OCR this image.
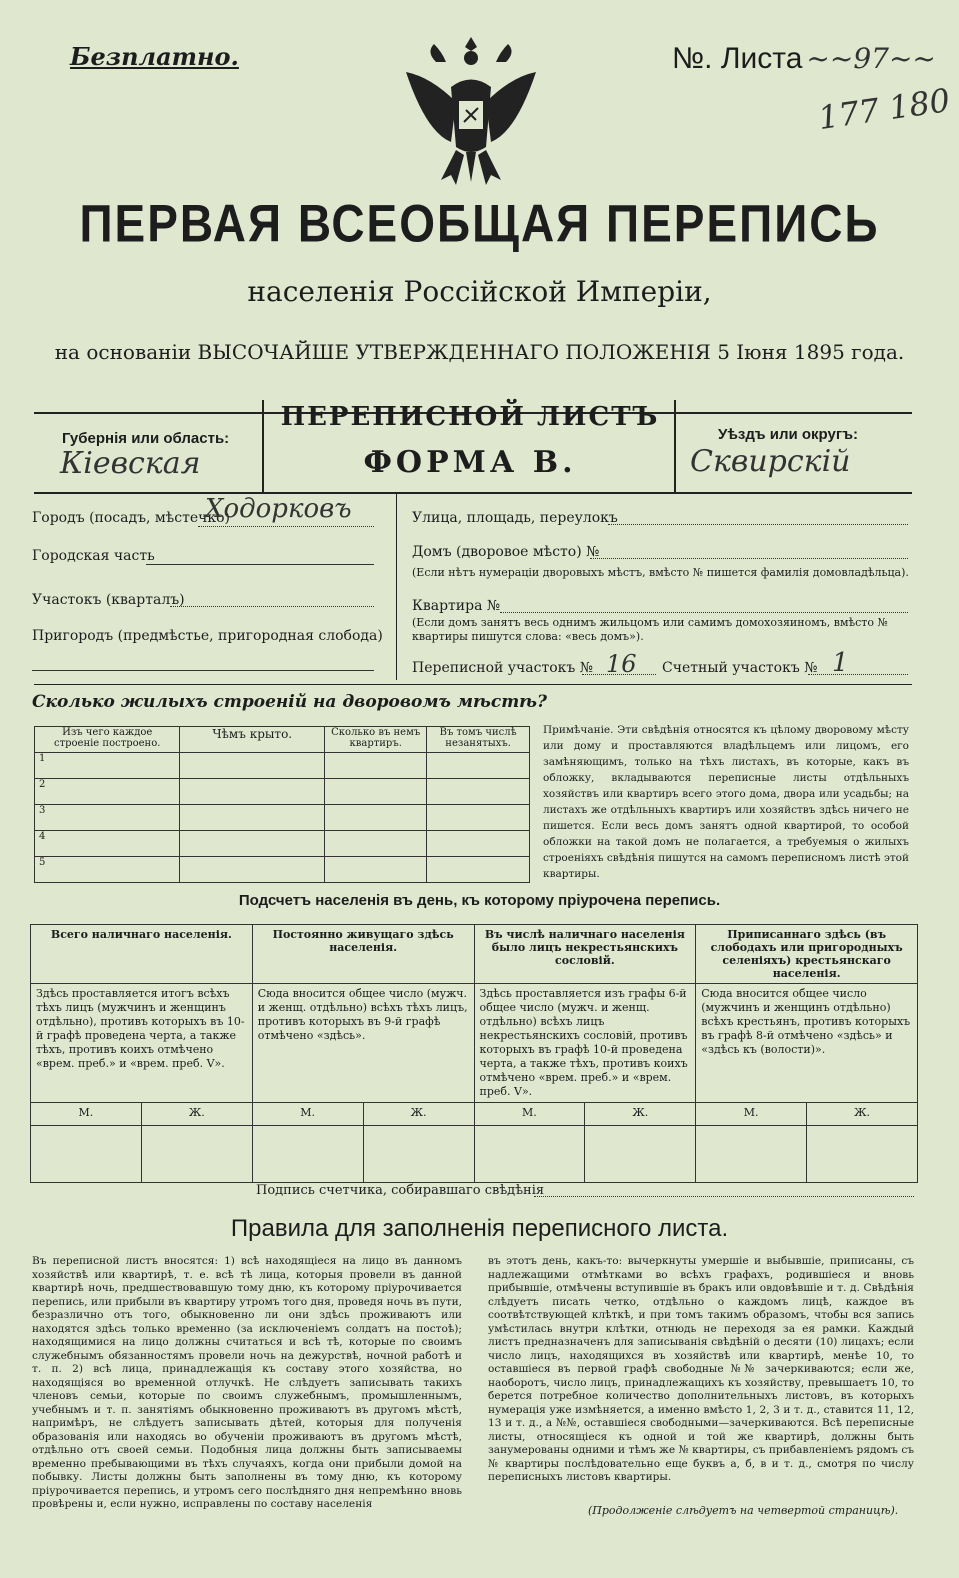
Безплатно.	№. Листа ~~97~~
177 180
ПЕРВАЯ ВСЕОБЩАЯ ПЕРЕПИСЬ
населенія Россійской Имперіи,
на основаніи ВЫСОЧАЙШЕ УТВЕРЖДЕННАГО ПОЛОЖЕНІЯ 5 Іюня 1895 года.
Губернія или область:
Кіевская
ПЕРЕПИСНОЙ ЛИСТЪ
ФОРМА В.
Уѣздъ или округъ:
Сквирскій
Городъ (посадъ, мѣстечко)
Ходорковъ
Городская часть
Участокъ (кварталъ)
Пригородъ (предмѣстье, пригородная слобода)
Улица, площадь, переулокъ
Домъ (дворовое мѣсто) №
(Если нѣтъ нумераціи дворовыхъ мѣстъ, вмѣсто № пишется фамилія домовладѣльца).
Квартира №
(Если домъ занятъ весь однимъ жильцомъ или самимъ домохозяиномъ, вмѣсто № квартиры пишутся слова: «весь домъ»).
Переписной участокъ № 16 Счетный участокъ № 1
Сколько жилыхъ строеній на дворовомъ мѣстѣ?
Изъ чего каждое строеніе построено.	Чѣмъ крыто.	Сколько въ немъ квартиръ.	Въ томъ числѣ незанятыхъ.
1			
2			
3			
4			
5			
Примѣчаніе. Эти свѣдѣнія относятся къ цѣлому дворовому мѣсту или дому и проставляются владѣльцемъ или лицомъ, его замѣняющимъ, только на тѣхъ листахъ, въ которые, какъ въ обложку, вкладываются переписные листы отдѣльныхъ хозяйствъ или квартиръ всего этого дома, двора или усадьбы; на листахъ же отдѣльныхъ квартиръ или хозяйствъ здѣсь ничего не пишется. Если весь домъ занятъ одной квартирой, то особой обложки на такой домъ не полагается, а требуемыя о жилыхъ строеніяхъ свѣдѣнія пишутся на самомъ переписномъ листѣ этой квартиры.
Подсчетъ населенія въ день, къ которому пріурочена перепись.
Всего наличнаго населенія.		Постоянно живущаго здѣсь населенія.		Въ числѣ наличнаго населенія было лицъ некрестьянскихъ сословій.		Приписаннаго здѣсь (въ слободахъ или пригородныхъ селеніяхъ) крестьянскаго населенія.	
Здѣсь проставляется итогъ всѣхъ тѣхъ лицъ (мужчинъ и женщинъ отдѣльно), противъ которыхъ въ 10-й графѣ проведена черта, а также тѣхъ, противъ коихъ отмѣчено «врем. преб.» и «врем. преб. V».		Сюда вносится общее число (мужч. и женщ. отдѣльно) всѣхъ тѣхъ лицъ, противъ которыхъ въ 9-й графѣ отмѣчено «здѣсь».		Здѣсь проставляется изъ графы 6-й общее число (мужч. и женщ. отдѣльно) всѣхъ лицъ некрестьянскихъ сословій, противъ которыхъ въ графѣ 10-й проведена черта, а также тѣхъ, противъ коихъ отмѣчено «врем. преб.» и «врем. преб. V».		Сюда вносится общее число (мужчинъ и женщинъ отдѣльно) всѣхъ крестьянъ, противъ которыхъ въ графѣ 8-й отмѣчено «здѣсь» и «здѣсь къ (волости)».	
М.	Ж.	М.	Ж.	М.	Ж.	М.	Ж.

Подпись счетчика, собиравшаго свѣдѣнія
Правила для заполненія переписного листа.
Въ переписной листъ вносятся: 1) всѣ находящіеся на лицо въ данномъ хозяйствѣ или квартирѣ, т. е. всѣ тѣ лица, которыя провели въ данной квартирѣ ночь, предшествовавшую тому дню, къ которому пріурочивается перепись, или прибыли въ квартиру утромъ того дня, проведя ночь въ пути, безразлично отъ того, обыкновенно ли они здѣсь проживаютъ или находятся здѣсь только временно (за исключеніемъ солдатъ на постоѣ); находящимися на лицо должны считаться и всѣ тѣ, которые по своимъ служебнымъ обязанностямъ провели ночь на дежурствѣ, ночной работѣ и т. п. 2) всѣ лица, принадлежащія къ составу этого хозяйства, но находящіяся во временной отлучкѣ. Не слѣдуетъ записывать такихъ членовъ семьи, которые по своимъ служебнымъ, промышленнымъ, учебнымъ и т. п. занятіямъ обыкновенно проживаютъ въ другомъ мѣстѣ, напримѣръ, не слѣдуетъ записывать дѣтей, которыя для полученія образованія или находясь во обученіи проживаютъ въ другомъ мѣстѣ, отдѣльно отъ своей семьи. Подобныя лица должны быть записываемы временно пребывающими въ тѣхъ случаяхъ, когда они прибыли домой на побывку. Листы должны быть заполнены въ тому дню, къ которому пріурочивается перепись, и утромъ сего послѣдняго дня непремѣнно вновь провѣрены и, если нужно, исправлены по составу населенія
въ этотъ день, какъ-то: вычеркнуты умершіе и выбывшіе, приписаны, съ надлежащими отмѣтками во всѣхъ графахъ, родившіеся и вновь прибывшіе, отмѣчены вступившіе въ бракъ или овдовѣвшіе и т. д. Свѣдѣнія слѣдуетъ писать четко, отдѣльно о каждомъ лицѣ, каждое въ соотвѣтствующей клѣткѣ, и при томъ такимъ образомъ, чтобы вся запись умѣстилась внутри клѣтки, отнюдь не переходя за ея рамки. Каждый листъ предназначенъ для записыванія свѣдѣній о десяти (10) лицахъ; если число лицъ, находящихся въ хозяйствѣ или квартирѣ, менѣе 10, то оставшіеся въ первой графѣ свободные №№ зачеркиваются; если же, наоборотъ, число лицъ, принадлежащихъ къ хозяйству, превышаетъ 10, то берется потребное количество дополнительныхъ листовъ, въ которыхъ нумерація уже измѣняется, а именно вмѣсто 1, 2, 3 и т. д., ставится 11, 12, 13 и т. д., а №№, оставшіеся свободными—зачеркиваются. Всѣ переписные листы, относящіеся къ одной и той же квартирѣ, должны быть занумерованы одними и тѣмъ же № квартиры, съ прибавленіемъ рядомъ съ № квартиры послѣдовательно еще буквъ а, б, в и т. д., смотря по числу переписныхъ листовъ квартиры.
(Продолженіе слѣдуетъ на четвертой страницѣ).
